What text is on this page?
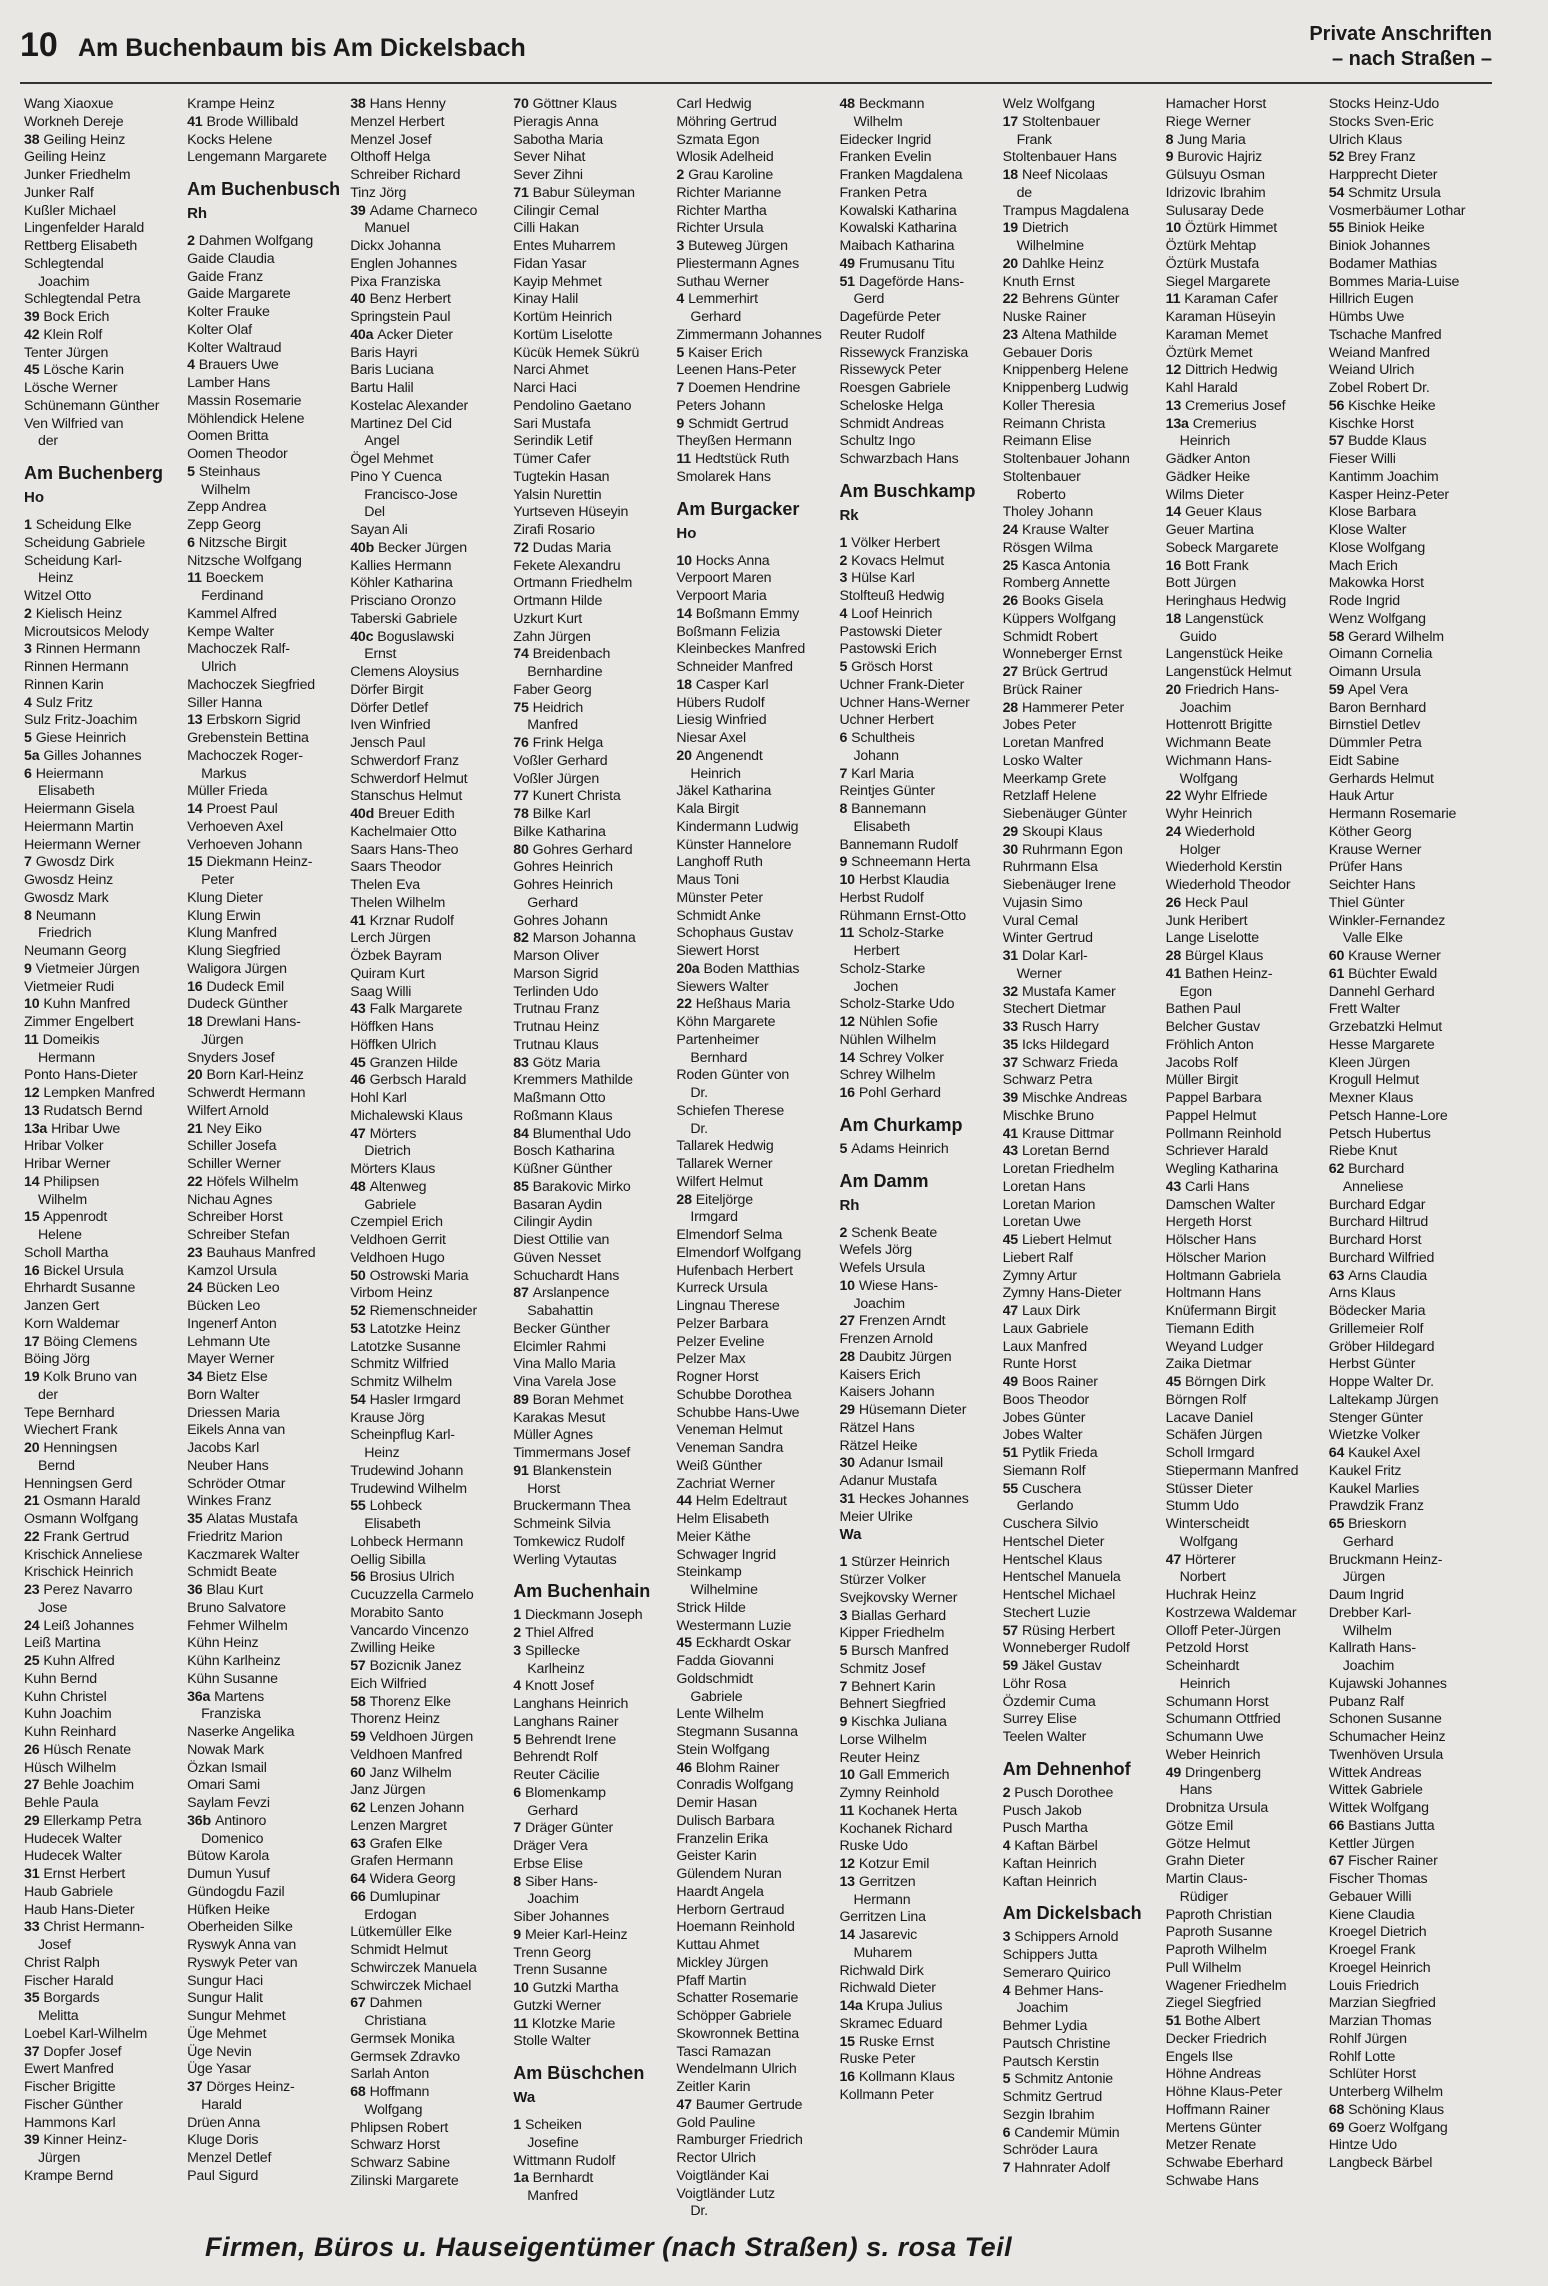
10 Am Buchenbaum bis Am Dickelsbach	Private Anschriften
– nach Straßen –
Wang Xiaoxue
Workneh Dereje
38 Geiling Heinz
Geiling Heinz
Junker Friedhelm
Junker Ralf
Kußler Michael
Lingenfelder Harald
Rettberg Elisabeth
Schlegtendal
Joachim
Schlegtendal Petra
39 Bock Erich
42 Klein Rolf
Tenter Jürgen
45 Lösche Karin
Lösche Werner
Schünemann Günther
Ven Wilfried van
der
Am Buchenberg
Ho
1 Scheidung Elke
Scheidung Gabriele
Scheidung Karl-
Heinz
Witzel Otto
2 Kielisch Heinz
Microutsicos Melody
3 Rinnen Hermann
Rinnen Hermann
Rinnen Karin
4 Sulz Fritz
Sulz Fritz-Joachim
5 Giese Heinrich
5a Gilles Johannes
6 Heiermann
Elisabeth
Heiermann Gisela
Heiermann Martin
Heiermann Werner
7 Gwosdz Dirk
Gwosdz Heinz
Gwosdz Mark
8 Neumann
Friedrich
Neumann Georg
9 Vietmeier Jürgen
Vietmeier Rudi
10 Kuhn Manfred
Zimmer Engelbert
11 Domeikis
Hermann
Ponto Hans-Dieter
12 Lempken Manfred
13 Rudatsch Bernd
13a Hribar Uwe
Hribar Volker
Hribar Werner
14 Philipsen
Wilhelm
15 Appenrodt
Helene
Scholl Martha
16 Bickel Ursula
Ehrhardt Susanne
Janzen Gert
Korn Waldemar
17 Böing Clemens
Böing Jörg
19 Kolk Bruno van
der
Tepe Bernhard
Wiechert Frank
20 Henningsen
Bernd
Henningsen Gerd
21 Osmann Harald
Osmann Wolfgang
22 Frank Gertrud
Krischick Anneliese
Krischick Heinrich
23 Perez Navarro
Jose
24 Leiß Johannes
Leiß Martina
25 Kuhn Alfred
Kuhn Bernd
Kuhn Christel
Kuhn Joachim
Kuhn Reinhard
26 Hüsch Renate
Hüsch Wilhelm
27 Behle Joachim
Behle Paula
29 Ellerkamp Petra
Hudecek Walter
Hudecek Walter
31 Ernst Herbert
Haub Gabriele
Haub Hans-Dieter
33 Christ Hermann-
Josef
Christ Ralph
Fischer Harald
35 Borgards
Melitta
Loebel Karl-Wilhelm
37 Dopfer Josef
Ewert Manfred
Fischer Brigitte
Fischer Günther
Hammons Karl
39 Kinner Heinz-
Jürgen
Krampe Bernd
Krampe Heinz
41 Brode Willibald
Kocks Helene
Lengemann Margarete
Am Buchenbusch
Rh
2 Dahmen Wolfgang
Gaide Claudia
Gaide Franz
Gaide Margarete
Kolter Frauke
Kolter Olaf
Kolter Waltraud
4 Brauers Uwe
Lamber Hans
Massin Rosemarie
Möhlendick Helene
Oomen Britta
Oomen Theodor
5 Steinhaus
Wilhelm
Zepp Andrea
Zepp Georg
6 Nitzsche Birgit
Nitzsche Wolfgang
11 Boeckem
Ferdinand
Kammel Alfred
Kempe Walter
Machoczek Ralf-
Ulrich
Machoczek Siegfried
Siller Hanna
13 Erbskorn Sigrid
Grebenstein Bettina
Machoczek Roger-
Markus
Müller Frieda
14 Proest Paul
Verhoeven Axel
Verhoeven Johann
15 Diekmann Heinz-
Peter
Klung Dieter
Klung Erwin
Klung Manfred
Klung Siegfried
Waligora Jürgen
16 Dudeck Emil
Dudeck Günther
18 Drewlani Hans-
Jürgen
Snyders Josef
20 Born Karl-Heinz
Schwerdt Hermann
Wilfert Arnold
21 Ney Eiko
Schiller Josefa
Schiller Werner
22 Höfels Wilhelm
Nichau Agnes
Schreiber Horst
Schreiber Stefan
23 Bauhaus Manfred
Kamzol Ursula
24 Bücken Leo
Bücken Leo
Ingenerf Anton
Lehmann Ute
Mayer Werner
34 Bietz Else
Born Walter
Driessen Maria
Eikels Anna van
Jacobs Karl
Neuber Hans
Schröder Otmar
Winkes Franz
35 Alatas Mustafa
Friedritz Marion
Kaczmarek Walter
Schmidt Beate
36 Blau Kurt
Bruno Salvatore
Fehmer Wilhelm
Kühn Heinz
Kühn Karlheinz
Kühn Susanne
36a Martens
Franziska
Naserke Angelika
Nowak Mark
Özkan Ismail
Omari Sami
Saylam Fevzi
36b Antinoro
Domenico
Bütow Karola
Dumun Yusuf
Gündogdu Fazil
Hüfken Heike
Oberheiden Silke
Ryswyk Anna van
Ryswyk Peter van
Sungur Haci
Sungur Halit
Sungur Mehmet
Üge Mehmet
Üge Nevin
Üge Yasar
37 Dörges Heinz-
Harald
Drüen Anna
Kluge Doris
Menzel Detlef
Paul Sigurd
38 Hans Henny
Menzel Herbert
Menzel Josef
Olthoff Helga
Schreiber Richard
Tinz Jörg
39 Adame Charneco
Manuel
Dickx Johanna
Englen Johannes
Pixa Franziska
40 Benz Herbert
Springstein Paul
40a Acker Dieter
Baris Hayri
Baris Luciana
Bartu Halil
Kostelac Alexander
Martinez Del Cid
Angel
Ögel Mehmet
Pino Y Cuenca
Francisco-Jose
Del
Sayan Ali
40b Becker Jürgen
Kallies Hermann
Köhler Katharina
Prisciano Oronzo
Taberski Gabriele
40c Boguslawski
Ernst
Clemens Aloysius
Dörfer Birgit
Dörfer Detlef
Iven Winfried
Jensch Paul
Schwerdorf Franz
Schwerdorf Helmut
Stanschus Helmut
40d Breuer Edith
Kachelmaier Otto
Saars Hans-Theo
Saars Theodor
Thelen Eva
Thelen Wilhelm
41 Krznar Rudolf
Lerch Jürgen
Özbek Bayram
Quiram Kurt
Saag Willi
43 Falk Margarete
Höffken Hans
Höffken Ulrich
45 Granzen Hilde
46 Gerbsch Harald
Hohl Karl
Michalewski Klaus
47 Mörters
Dietrich
Mörters Klaus
48 Altenweg
Gabriele
Czempiel Erich
Veldhoen Gerrit
Veldhoen Hugo
50 Ostrowski Maria
Virbom Heinz
52 Riemenschneider
53 Latotzke Heinz
Latotzke Susanne
Schmitz Wilfried
Schmitz Wilhelm
54 Hasler Irmgard
Krause Jörg
Scheinpflug Karl-
Heinz
Trudewind Johann
Trudewind Wilhelm
55 Lohbeck
Elisabeth
Lohbeck Hermann
Oellig Sibilla
56 Brosius Ulrich
Cucuzzella Carmelo
Morabito Santo
Vancardo Vincenzo
Zwilling Heike
57 Bozicnik Janez
Eich Wilfried
58 Thorenz Elke
Thorenz Heinz
59 Veldhoen Jürgen
Veldhoen Manfred
60 Janz Wilhelm
Janz Jürgen
62 Lenzen Johann
Lenzen Margret
63 Grafen Elke
Grafen Hermann
64 Widera Georg
66 Dumlupinar
Erdogan
Lütkemüller Elke
Schmidt Helmut
Schwirczek Manuela
Schwirczek Michael
67 Dahmen
Christiana
Germsek Monika
Germsek Zdravko
Sarlah Anton
68 Hoffmann
Wolfgang
Phlipsen Robert
Schwarz Horst
Schwarz Sabine
Zilinski Margarete
70 Göttner Klaus
Pieragis Anna
Sabotha Maria
Sever Nihat
Sever Zihni
71 Babur Süleyman
Cilingir Cemal
Cilli Hakan
Entes Muharrem
Fidan Yasar
Kayip Mehmet
Kinay Halil
Kortüm Heinrich
Kortüm Liselotte
Kücük Hemek Sükrü
Narci Ahmet
Narci Haci
Pendolino Gaetano
Sari Mustafa
Serindik Letif
Tümer Cafer
Tugtekin Hasan
Yalsin Nurettin
Yurtseven Hüseyin
Zirafi Rosario
72 Dudas Maria
Fekete Alexandru
Ortmann Friedhelm
Ortmann Hilde
Uzkurt Kurt
Zahn Jürgen
74 Breidenbach
Bernhardine
Faber Georg
75 Heidrich
Manfred
76 Frink Helga
Voßler Gerhard
Voßler Jürgen
77 Kunert Christa
78 Bilke Karl
Bilke Katharina
80 Gohres Gerhard
Gohres Heinrich
Gohres Heinrich
Gerhard
Gohres Johann
82 Marson Johanna
Marson Oliver
Marson Sigrid
Terlinden Udo
Trutnau Franz
Trutnau Heinz
Trutnau Klaus
83 Götz Maria
Kremmers Mathilde
Maßmann Otto
Roßmann Klaus
84 Blumenthal Udo
Bosch Katharina
Küßner Günther
85 Barakovic Mirko
Basaran Aydin
Cilingir Aydin
Diest Ottilie van
Güven Nesset
Schuchardt Hans
87 Arslanpence
Sabahattin
Becker Günther
Elcimler Rahmi
Vina Mallo Maria
Vina Varela Jose
89 Boran Mehmet
Karakas Mesut
Müller Agnes
Timmermans Josef
91 Blankenstein
Horst
Bruckermann Thea
Schmeink Silvia
Tomkewicz Rudolf
Werling Vytautas
Am Buchenhain
1 Dieckmann Joseph
2 Thiel Alfred
3 Spillecke
Karlheinz
4 Knott Josef
Langhans Heinrich
Langhans Rainer
5 Behrendt Irene
Behrendt Rolf
Reuter Cäcilie
6 Blomenkamp
Gerhard
7 Dräger Günter
Dräger Vera
Erbse Elise
8 Siber Hans-
Joachim
Siber Johannes
9 Meier Karl-Heinz
Trenn Georg
Trenn Susanne
10 Gutzki Martha
Gutzki Werner
11 Klotzke Marie
Stolle Walter
Am Büschchen
Wa
1 Scheiken
Josefine
Wittmann Rudolf
1a Bernhardt
Manfred
Carl Hedwig
Möhring Gertrud
Szmata Egon
Wlosik Adelheid
2 Grau Karoline
Richter Marianne
Richter Martha
Richter Ursula
3 Buteweg Jürgen
Pliestermann Agnes
Suthau Werner
4 Lemmerhirt
Gerhard
Zimmermann Johannes
5 Kaiser Erich
Leenen Hans-Peter
7 Doemen Hendrine
Peters Johann
9 Schmidt Gertrud
Theyßen Hermann
11 Hedtstück Ruth
Smolarek Hans
Am Burgacker
Ho
10 Hocks Anna
Verpoort Maren
Verpoort Maria
14 Boßmann Emmy
Boßmann Felizia
Kleinbeckes Manfred
Schneider Manfred
18 Casper Karl
Hübers Rudolf
Liesig Winfried
Niesar Axel
20 Angenendt
Heinrich
Jäkel Katharina
Kala Birgit
Kindermann Ludwig
Künster Hannelore
Langhoff Ruth
Maus Toni
Münster Peter
Schmidt Anke
Schophaus Gustav
Siewert Horst
20a Boden Matthias
Siewers Walter
22 Heßhaus Maria
Köhn Margarete
Partenheimer
Bernhard
Roden Günter von
Dr.
Schiefen Therese
Dr.
Tallarek Hedwig
Tallarek Werner
Wilfert Helmut
28 Eiteljörge
Irmgard
Elmendorf Selma
Elmendorf Wolfgang
Hufenbach Herbert
Kurreck Ursula
Lingnau Therese
Pelzer Barbara
Pelzer Eveline
Pelzer Max
Rogner Horst
Schubbe Dorothea
Schubbe Hans-Uwe
Veneman Helmut
Veneman Sandra
Weiß Günther
Zachriat Werner
44 Helm Edeltraut
Helm Elisabeth
Meier Käthe
Schwager Ingrid
Steinkamp
Wilhelmine
Strick Hilde
Westermann Luzie
45 Eckhardt Oskar
Fadda Giovanni
Goldschmidt
Gabriele
Lente Wilhelm
Stegmann Susanna
Stein Wolfgang
46 Blohm Rainer
Conradis Wolfgang
Demir Hasan
Dulisch Barbara
Franzelin Erika
Geister Karin
Gülendem Nuran
Haardt Angela
Herborn Gertraud
Hoemann Reinhold
Kuttau Ahmet
Mickley Jürgen
Pfaff Martin
Schatter Rosemarie
Schöpper Gabriele
Skowronnek Bettina
Tasci Ramazan
Wendelmann Ulrich
Zeitler Karin
47 Baumer Gertrude
Gold Pauline
Ramburger Friedrich
Rector Ulrich
Voigtländer Kai
Voigtländer Lutz
Dr.
48 Beckmann
Wilhelm
Eidecker Ingrid
Franken Evelin
Franken Magdalena
Franken Petra
Kowalski Katharina
Kowalski Katharina
Maibach Katharina
49 Frumusanu Titu
51 Dageförde Hans-
Gerd
Dagefürde Peter
Reuter Rudolf
Rissewyck Franziska
Rissewyck Peter
Roesgen Gabriele
Scheloske Helga
Schmidt Andreas
Schultz Ingo
Schwarzbach Hans
Am Buschkamp
Rk
1 Völker Herbert
2 Kovacs Helmut
3 Hülse Karl
Stolfteuß Hedwig
4 Loof Heinrich
Pastowski Dieter
Pastowski Erich
5 Grösch Horst
Uchner Frank-Dieter
Uchner Hans-Werner
Uchner Herbert
6 Schultheis
Johann
7 Karl Maria
Reintjes Günter
8 Bannemann
Elisabeth
Bannemann Rudolf
9 Schneemann Herta
10 Herbst Klaudia
Herbst Rudolf
Rühmann Ernst-Otto
11 Scholz-Starke
Herbert
Scholz-Starke
Jochen
Scholz-Starke Udo
12 Nühlen Sofie
Nühlen Wilhelm
14 Schrey Volker
Schrey Wilhelm
16 Pohl Gerhard
Am Churkamp
5 Adams Heinrich
Am Damm
Rh
2 Schenk Beate
Wefels Jörg
Wefels Ursula
10 Wiese Hans-
Joachim
27 Frenzen Arndt
Frenzen Arnold
28 Daubitz Jürgen
Kaisers Erich
Kaisers Johann
29 Hüsemann Dieter
Rätzel Hans
Rätzel Heike
30 Adanur Ismail
Adanur Mustafa
31 Heckes Johannes
Meier Ulrike
Wa
1 Stürzer Heinrich
Stürzer Volker
Svejkovsky Werner
3 Biallas Gerhard
Kipper Friedhelm
5 Bursch Manfred
Schmitz Josef
7 Behnert Karin
Behnert Siegfried
9 Kischka Juliana
Lorse Wilhelm
Reuter Heinz
10 Gall Emmerich
Zymny Reinhold
11 Kochanek Herta
Kochanek Richard
Ruske Udo
12 Kotzur Emil
13 Gerritzen
Hermann
Gerritzen Lina
14 Jasarevic
Muharem
Richwald Dirk
Richwald Dieter
14a Krupa Julius
Skramec Eduard
15 Ruske Ernst
Ruske Peter
16 Kollmann Klaus
Kollmann Peter
Welz Wolfgang
17 Stoltenbauer
Frank
Stoltenbauer Hans
18 Neef Nicolaas
de
Trampus Magdalena
19 Dietrich
Wilhelmine
20 Dahlke Heinz
Knuth Ernst
22 Behrens Günter
Nuske Rainer
23 Altena Mathilde
Gebauer Doris
Knippenberg Helene
Knippenberg Ludwig
Koller Theresia
Reimann Christa
Reimann Elise
Stoltenbauer Johann
Stoltenbauer
Roberto
Tholey Johann
24 Krause Walter
Rösgen Wilma
25 Kasca Antonia
Romberg Annette
26 Books Gisela
Küppers Wolfgang
Schmidt Robert
Wonneberger Ernst
27 Brück Gertrud
Brück Rainer
28 Hammerer Peter
Jobes Peter
Loretan Manfred
Losko Walter
Meerkamp Grete
Retzlaff Helene
Siebenäuger Günter
29 Skoupi Klaus
30 Ruhrmann Egon
Ruhrmann Elsa
Siebenäuger Irene
Vujasin Simo
Vural Cemal
Winter Gertrud
31 Dolar Karl-
Werner
32 Mustafa Kamer
Stechert Dietmar
33 Rusch Harry
35 Icks Hildegard
37 Schwarz Frieda
Schwarz Petra
39 Mischke Andreas
Mischke Bruno
41 Krause Dittmar
43 Loretan Bernd
Loretan Friedhelm
Loretan Hans
Loretan Marion
Loretan Uwe
45 Liebert Helmut
Liebert Ralf
Zymny Artur
Zymny Hans-Dieter
47 Laux Dirk
Laux Gabriele
Laux Manfred
Runte Horst
49 Boos Rainer
Boos Theodor
Jobes Günter
Jobes Walter
51 Pytlik Frieda
Siemann Rolf
55 Cuschera
Gerlando
Cuschera Silvio
Hentschel Dieter
Hentschel Klaus
Hentschel Manuela
Hentschel Michael
Stechert Luzie
57 Rüsing Herbert
Wonneberger Rudolf
59 Jäkel Gustav
Löhr Rosa
Özdemir Cuma
Surrey Elise
Teelen Walter
Am Dehnenhof
2 Pusch Dorothee
Pusch Jakob
Pusch Martha
4 Kaftan Bärbel
Kaftan Heinrich
Kaftan Heinrich
Am Dickelsbach
3 Schippers Arnold
Schippers Jutta
Semeraro Quirico
4 Behmer Hans-
Joachim
Behmer Lydia
Pautsch Christine
Pautsch Kerstin
5 Schmitz Antonie
Schmitz Gertrud
Sezgin Ibrahim
6 Candemir Mümin
Schröder Laura
7 Hahnrater Adolf
Hamacher Horst
Riege Werner
8 Jung Maria
9 Burovic Hajriz
Gülsuyu Osman
Idrizovic Ibrahim
Sulusaray Dede
10 Öztürk Himmet
Öztürk Mehtap
Öztürk Mustafa
Siegel Margarete
11 Karaman Cafer
Karaman Hüseyin
Karaman Memet
Öztürk Memet
12 Dittrich Hedwig
Kahl Harald
13 Cremerius Josef
13a Cremerius
Heinrich
Gädker Anton
Gädker Heike
Wilms Dieter
14 Geuer Klaus
Geuer Martina
Sobeck Margarete
16 Bott Frank
Bott Jürgen
Heringhaus Hedwig
18 Langenstück
Guido
Langenstück Heike
Langenstück Helmut
20 Friedrich Hans-
Joachim
Hottenrott Brigitte
Wichmann Beate
Wichmann Hans-
Wolfgang
22 Wyhr Elfriede
Wyhr Heinrich
24 Wiederhold
Holger
Wiederhold Kerstin
Wiederhold Theodor
26 Heck Paul
Junk Heribert
Lange Liselotte
28 Bürgel Klaus
41 Bathen Heinz-
Egon
Bathen Paul
Belcher Gustav
Fröhlich Anton
Jacobs Rolf
Müller Birgit
Pappel Barbara
Pappel Helmut
Pollmann Reinhold
Schriever Harald
Wegling Katharina
43 Carli Hans
Damschen Walter
Hergeth Horst
Hölscher Hans
Hölscher Marion
Holtmann Gabriela
Holtmann Hans
Knüfermann Birgit
Tiemann Edith
Weyand Ludger
Zaika Dietmar
45 Börngen Dirk
Börngen Rolf
Lacave Daniel
Schäfen Jürgen
Scholl Irmgard
Stiepermann Manfred
Stüsser Dieter
Stumm Udo
Winterscheidt
Wolfgang
47 Hörterer
Norbert
Huchrak Heinz
Kostrzewa Waldemar
Olloff Peter-Jürgen
Petzold Horst
Scheinhardt
Heinrich
Schumann Horst
Schumann Ottfried
Schumann Uwe
Weber Heinrich
49 Dringenberg
Hans
Drobnitza Ursula
Götze Emil
Götze Helmut
Grahn Dieter
Martin Claus-
Rüdiger
Paproth Christian
Paproth Susanne
Paproth Wilhelm
Pull Wilhelm
Wagener Friedhelm
Ziegel Siegfried
51 Bothe Albert
Decker Friedrich
Engels Ilse
Höhne Andreas
Höhne Klaus-Peter
Hoffmann Rainer
Mertens Günter
Metzer Renate
Schwabe Eberhard
Schwabe Hans
Stocks Heinz-Udo
Stocks Sven-Eric
Ulrich Klaus
52 Brey Franz
Harpprecht Dieter
54 Schmitz Ursula
Vosmerbäumer Lothar
55 Biniok Heike
Biniok Johannes
Bodamer Mathias
Bommes Maria-Luise
Hillrich Eugen
Hümbs Uwe
Tschache Manfred
Weiand Manfred
Weiand Ulrich
Zobel Robert Dr.
56 Kischke Heike
Kischke Horst
57 Budde Klaus
Fieser Willi
Kantimm Joachim
Kasper Heinz-Peter
Klose Barbara
Klose Walter
Klose Wolfgang
Mach Erich
Makowka Horst
Rode Ingrid
Wenz Wolfgang
58 Gerard Wilhelm
Oimann Cornelia
Oimann Ursula
59 Apel Vera
Baron Bernhard
Birnstiel Detlev
Dümmler Petra
Eidt Sabine
Gerhards Helmut
Hauk Artur
Hermann Rosemarie
Köther Georg
Krause Werner
Prüfer Hans
Seichter Hans
Thiel Günter
Winkler-Fernandez
Valle Elke
60 Krause Werner
61 Büchter Ewald
Dannehl Gerhard
Frett Walter
Grzebatzki Helmut
Hesse Margarete
Kleen Jürgen
Krogull Helmut
Mexner Klaus
Petsch Hanne-Lore
Petsch Hubertus
Riebe Knut
62 Burchard
Anneliese
Burchard Edgar
Burchard Hiltrud
Burchard Horst
Burchard Wilfried
63 Arns Claudia
Arns Klaus
Bödecker Maria
Grillemeier Rolf
Gröber Hildegard
Herbst Günter
Hoppe Walter Dr.
Laltekamp Jürgen
Stenger Günter
Wietzke Volker
64 Kaukel Axel
Kaukel Fritz
Kaukel Marlies
Prawdzik Franz
65 Brieskorn
Gerhard
Bruckmann Heinz-
Jürgen
Daum Ingrid
Drebber Karl-
Wilhelm
Kallrath Hans-
Joachim
Kujawski Johannes
Pubanz Ralf
Schonen Susanne
Schumacher Heinz
Twenhöven Ursula
Wittek Andreas
Wittek Gabriele
Wittek Wolfgang
66 Bastians Jutta
Kettler Jürgen
67 Fischer Rainer
Fischer Thomas
Gebauer Willi
Kiene Claudia
Kroegel Dietrich
Kroegel Frank
Kroegel Heinrich
Louis Friedrich
Marzian Siegfried
Marzian Thomas
Rohlf Jürgen
Rohlf Lotte
Schlüter Horst
Unterberg Wilhelm
68 Schöning Klaus
69 Goerz Wolfgang
Hintze Udo
Langbeck Bärbel
Firmen, Büros u. Hauseigentümer (nach Straßen) s. rosa Teil
